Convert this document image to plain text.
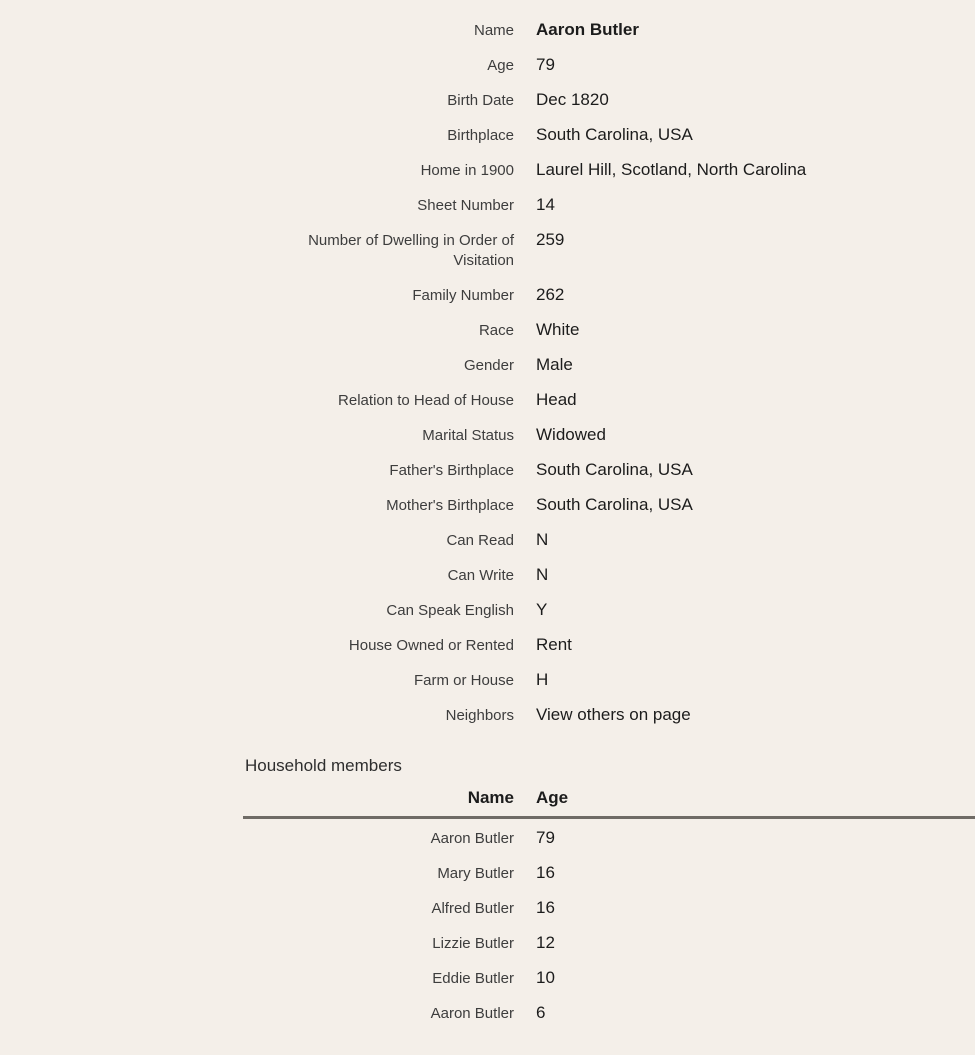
Name Aaron Butler
Age 79
Birth Date Dec 1820
Birthplace South Carolina, USA
Home in 1900 Laurel Hill, Scotland, North Carolina
Sheet Number 14
Number of Dwelling in Order of Visitation
259
Family Number 262
Race White
Gender Male
Relation to Head of House Head
Marital Status Widowed
Father's Birthplace South Carolina, USA
Mother's Birthplace South Carolina, USA
Can Read N
Can Write N
Can Speak English Y
House Owned or Rented Rent
Farm or House H
Neighbors View others on page
Household members
Name Age
Aaron Butler 79
Mary Butler 16
Alfred Butler 16
Lizzie Butler 12
Eddie Butler 10
Aaron Butler 6
